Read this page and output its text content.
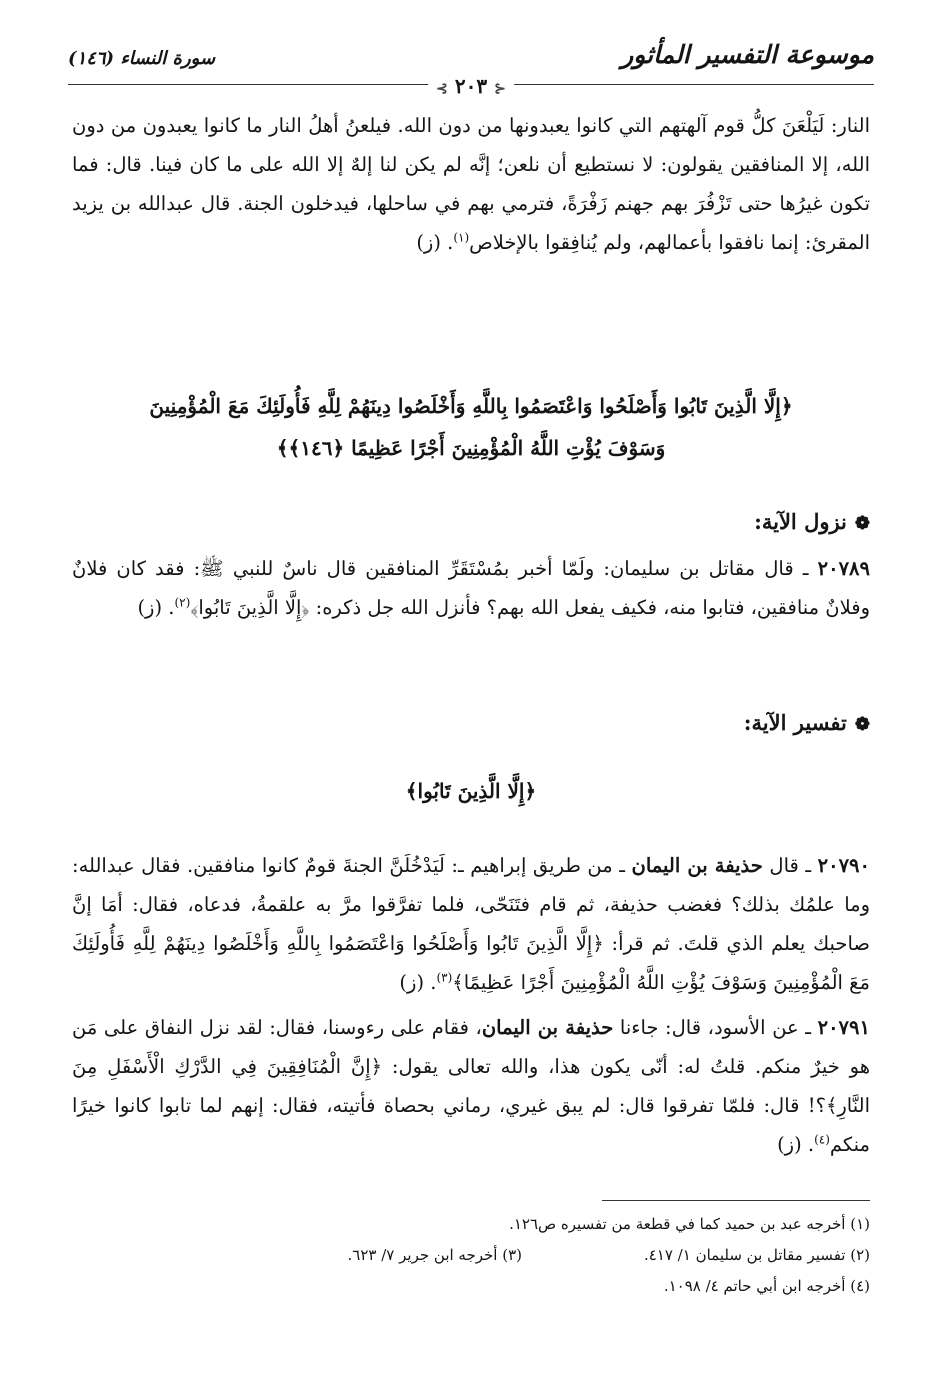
موسوعة التفسير المأثور
سورة النساء (١٤٦)
⊰ ٢٠٣ ⊱

النار: لَيَلْعَنَ كلُّ قوم آلهتهم التي كانوا يعبدونها من دون الله. فيلعنُ أهلُ النار ما كانوا يعبدون من دون الله، إلا المنافقين يقولون: لا نستطيع أن نلعن؛ إنَّه لم يكن لنا إلهٌ إلا الله على ما كان فينا. قال: فما تكون غيرُها حتى تَزْفُرَ بهم جهنم زَفْرَةً، فترمي بهم في ساحلها، فيدخلون الجنة. قال عبدالله بن يزيد المقرئ: إنما نافقوا بأعمالهم، ولم يُنافِقوا بالإخلاص$^{(١)}$. (ز)

﴿إِلَّا الَّذِينَ تَابُوا وَأَصْلَحُوا وَاعْتَصَمُوا بِاللَّهِ وَأَخْلَصُوا دِينَهُمْ لِلَّهِ فَأُولَئِكَ مَعَ الْمُؤْمِنِينَ
وَسَوْفَ يُؤْتِ اللَّهُ الْمُؤْمِنِينَ أَجْرًا عَظِيمًا ﴿١٤٦﴾﴾
❁نزول الآية:

٢٠٧٨٩ ـ قال مقاتل بن سليمان: ولَمّا أخبر بمُسْتَقَرِّ المنافقين قال ناسٌ للنبي ﷺ: فقد كان فلانٌ وفلانٌ منافقين، فتابوا منه، فكيف يفعل الله بهم؟ فأنزل الله جل ذكره: ﴿إِلَّا الَّذِينَ تَابُوا﴾$^{(٢)}$. (ز)

❁تفسير الآية:
﴿إِلَّا الَّذِينَ تَابُوا﴾

٢٠٧٩٠ ـ قال حذيفة بن اليمان ـ من طريق إبراهيم ـ: لَيَدْخُلَنَّ الجنةَ قومٌ كانوا منافقين. فقال عبدالله: وما علمُك بذلك؟ فغضب حذيفة، ثم قام فتَنَحّى، فلما تفرَّقوا مرَّ به علقمةُ، فدعاه، فقال: أمَا إنَّ صاحبك يعلم الذي قلتَ. ثم قرأ: ﴿إِلَّا الَّذِينَ تَابُوا وَأَصْلَحُوا وَاعْتَصَمُوا بِاللَّهِ وَأَخْلَصُوا دِينَهُمْ لِلَّهِ فَأُولَئِكَ مَعَ الْمُؤْمِنِينَ وَسَوْفَ يُؤْتِ اللَّهُ الْمُؤْمِنِينَ أَجْرًا عَظِيمًا﴾$^{(٣)}$. (ز)

٢٠٧٩١ ـ عن الأسود، قال: جاءنا حذيفة بن اليمان، فقام على رءوسنا، فقال: لقد نزل النفاق على مَن هو خيرٌ منكم. قلتُ له: أنّى يكون هذا، والله تعالى يقول: ﴿إِنَّ الْمُنَافِقِينَ فِي الدَّرْكِ الْأَسْفَلِ مِنَ النَّارِ﴾؟! قال: فلمّا تفرقوا قال: لم يبق غيري، رماني بحصاة فأتيته، فقال: إنهم لما تابوا كانوا خيرًا منكم$^{(٤)}$. (ز)

(١) أخرجه عبد بن حميد كما في قطعة من تفسيره ص١٢٦.
(٢) تفسير مقاتل بن سليمان ١/ ٤١٧.
(٣) أخرجه ابن جرير ٧/ ٦٢٣.
(٤) أخرجه ابن أبي حاتم ٤/ ١٠٩٨.
